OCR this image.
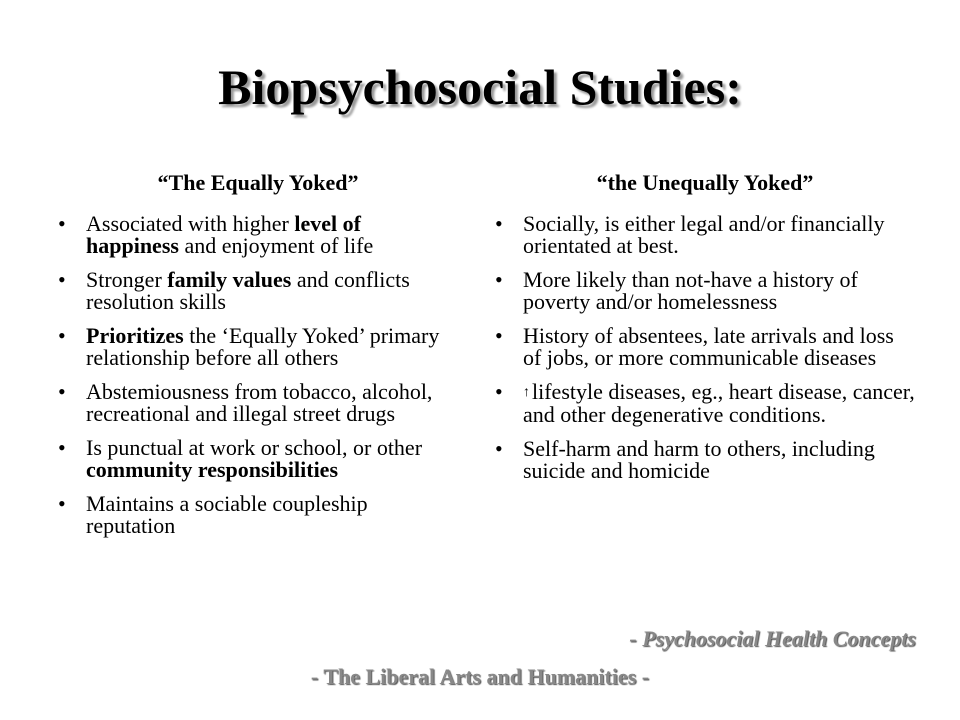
Biopsychosocial Studies:
“The Equally Yoked”
• Associated with higher level of happiness and enjoyment of life
• Stronger family values and conflicts resolution skills
• Prioritizes the ‘Equally Yoked’ primary relationship before all others
• Abstemiousness from tobacco, alcohol, recreational and illegal street drugs
• Is punctual at work or school, or other community responsibilities
• Maintains a sociable coupleship reputation
“the Unequally Yoked”
• Socially, is either legal and/or financially orientated at best.
• More likely than not-have a history of poverty and/or homelessness
• History of absentees, late arrivals and loss of jobs, or more communicable diseases
• ↑lifestyle diseases, eg., heart disease, cancer, and other degenerative conditions.
• Self-harm and harm to others, including suicide and homicide
- Psychosocial Health Concepts
- The Liberal Arts and Humanities -
